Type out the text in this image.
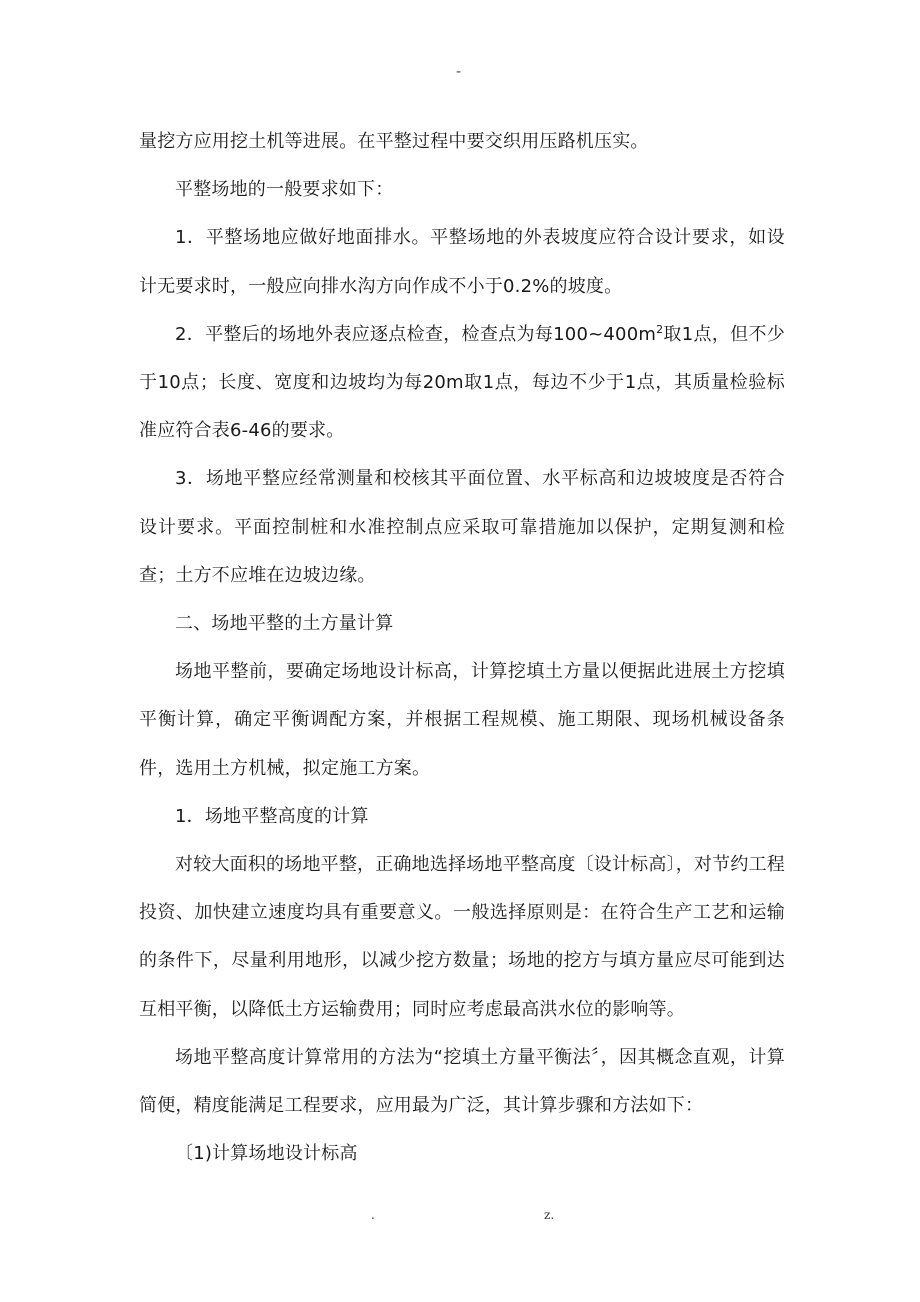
-

量挖方应用挖土机等进展。在平整过程中要交织用压路机压实。

平整场地的一般要求如下：

1．平整场地应做好地面排水。平整场地的外表坡度应符合设计要求，如设计无要求时，一般应向排水沟方向作成不小于0.2%的坡度。

2．平整后的场地外表应逐点检查，检查点为每$100\sim 400m^2$取1点，但不少于10点；长度、宽度和边坡均为每20m取1点，每边不少于1点，其质量检验标准应符合表6-46的要求。

3．场地平整应经常测量和校核其平面位置、水平标高和边坡坡度是否符合设计要求。平面控制桩和水准控制点应采取可靠措施加以保护，定期复测和检查；土方不应堆在边坡边缘。

二、场地平整的土方量计算

场地平整前，要确定场地设计标高，计算挖填土方量以便据此进展土方挖填平衡计算，确定平衡调配方案，并根据工程规模、施工期限、现场机械设备条件，选用土方机械，拟定施工方案。

1．场地平整高度的计算

对较大面积的场地平整，正确地选择场地平整高度〔设计标高〕，对节约工程投资、加快建立速度均具有重要意义。一般选择原则是：在符合生产工艺和运输的条件下，尽量利用地形，以减少挖方数量；场地的挖方与填方量应尽可能到达互相平衡，以降低土方运输费用；同时应考虑最高洪水位的影响等。

场地平整高度计算常用的方法为“挖填土方量平衡法〞，因其概念直观，计算简便，精度能满足工程要求，应用最为广泛，其计算步骤和方法如下：

〔1)计算场地设计标高

.	z.
